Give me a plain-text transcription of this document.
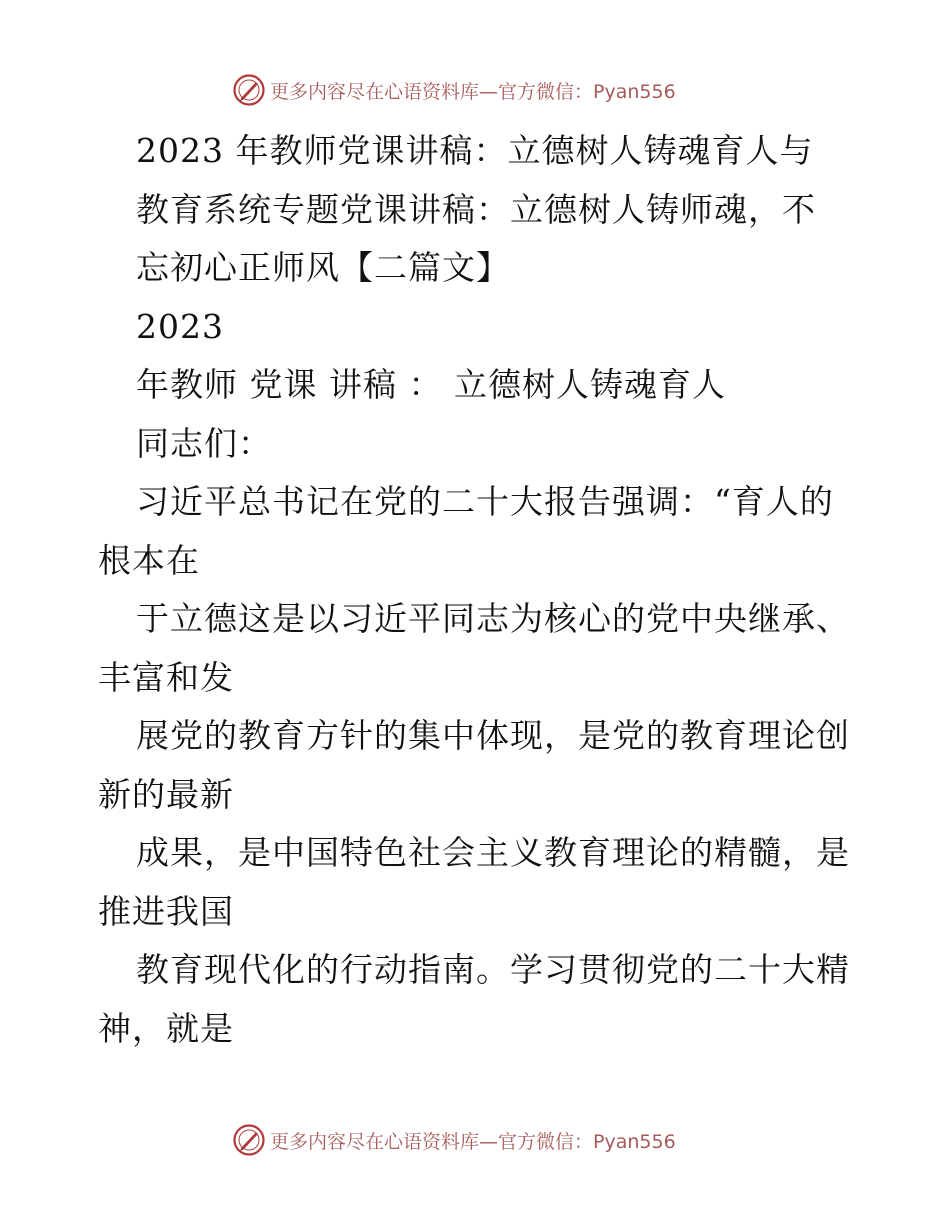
更多内容尽在心语资料库—官方微信：Pyan556
2023 年教师党课讲稿：立德树人铸魂育人与
教育系统专题党课讲稿：立德树人铸师魂，不
忘初心正师风【二篇文】
2023
年教师 党课 讲稿 ： 立德树人铸魂育人
同志们：
习近平总书记在党的二十大报告强调：“育人的
根本在
于立德这是以习近平同志为核心的党中央继承、
丰富和发
展党的教育方针的集中体现，是党的教育理论创
新的最新
成果，是中国特色社会主义教育理论的精髓，是
推进我国
教育现代化的行动指南。学习贯彻党的二十大精
神，就是
更多内容尽在心语资料库—官方微信：Pyan556
